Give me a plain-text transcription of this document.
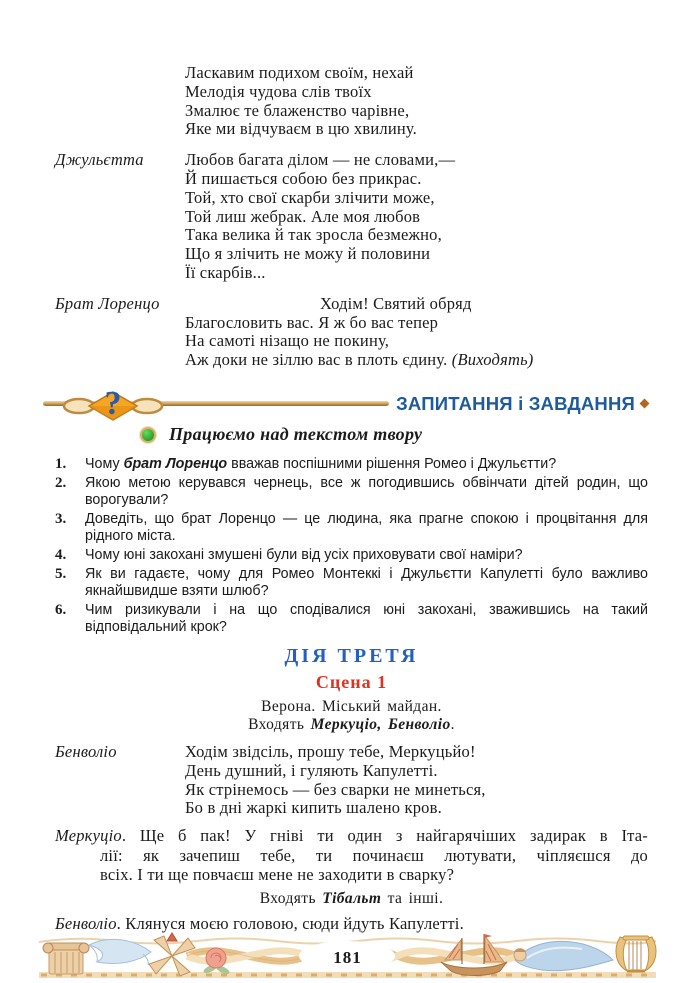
Ласкавим подихом своїм, нехай
Мелодія чудова слів твоїх
Змалює те блаженство чарівне,
Яке ми відчуваєм в цю хвилину.
Джульєтта	Любов багата ділом — не словами,—
Й пишається собою без прикрас.
Той, хто свої скарби злічити може,
Той лиш жебрак. Але моя любов
Така велика й так зросла безмежно,
Що я злічить не можу й половини
Її скарбів...
Брат Лоренцо	Ходім! Святий обряд
Благословить вас. Я ж бо вас тепер
На самоті нізащо не покину,
Аж доки не зіллю вас в плоть єдину. (Виходять)
ЗАПИТАННЯ і ЗАВДАННЯ
?
Працюємо над текстом твору
1.	Чому брат Лоренцо вважав поспішними рішення Ромео і Джульєтти?
2.	Якою метою керувався чернець, все ж погодившись обвінчати дітей родин, що ворогували?
3.	Доведіть, що брат Лоренцо — це людина, яка прагне спокою і процвітання для рідного міста.
4.	Чому юні закохані змушені були від усіх приховувати свої наміри?
5.	Як ви гадаєте, чому для Ромео Монтеккі і Джульєтти Капулетті було важливо якнайшвидше взяти шлюб?
6.	Чим ризикували і на що сподівалися юні закохані, зважившись на такий відповідальний крок?
ДІЯ ТРЕТЯ
Сцена 1
Верона. Міський майдан.
Входять Меркуціо, Бенволіо.
Бенволіо	Ходім звідсіль, прошу тебе, Меркуцьйо!
День душний, і гуляють Капулетті.
Як стрінемось — без сварки не минеться,
Бо в дні жаркі кипить шалено кров.
Меркуціо. Ще б пак! У гніві ти один з найгарячіших задирак в Іта-
лії: як зачепиш тебе, ти починаєш лютувати, чіпляєшся до
всіх. І ти ще повчаєш мене не заходити в сварку?
Входять Тібальт та інші.
Бенволіо. Клянуся моєю головою, сюди йдуть Капулетті.
181
